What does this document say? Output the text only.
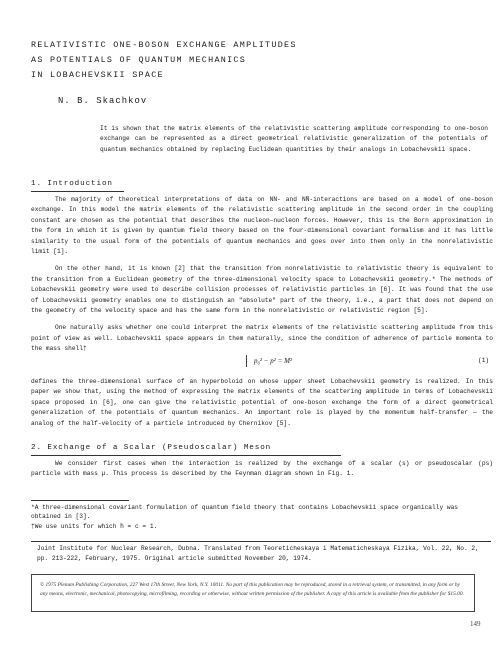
RELATIVISTIC ONE-BOSON EXCHANGE AMPLITUDES
AS POTENTIALS OF QUANTUM MECHANICS
IN LOBACHEVSKII SPACE
N. B. Skachkov
It is shown that the matrix elements of the relativistic scattering amplitude corresponding to one-boson exchange can be represented as a direct geometrical relativistic generalization of the potentials of quantum mechanics obtained by replacing Euclidean quantities by their analogs in Lobachevskii space.
1. Introduction

The majority of theoretical interpretations of data on NN- and NN̄-interactions are based on a model of one-boson exchange. In this model the matrix elements of the relativistic scattering amplitude in the second order in the coupling constant are chosen as the potential that describes the nucleon–nucleon forces. However, this is the Born approximation in the form in which it is given by quantum field theory based on the four-dimensional covariant formalism and it has little similarity to the usual form of the potentials of quantum mechanics and goes over into them only in the nonrelativistic limit [1].

On the other hand, it is known [2] that the transition from nonrelativistic to relativistic theory is equivalent to the transition from a Euclidean geometry of the three-dimensional velocity space to Lobachevskii geometry.* The methods of Lobachevskii geometry were used to describe collision processes of relativistic particles in [6]. It was found that the use of Lobachevskii geometry enables one to distinguish an "absolute" part of the theory, i.e., a part that does not depend on the geometry of the velocity space and has the same form in the nonrelativistic or relativistic region [5].

One naturally asks whether one could interpret the matrix elements of the relativistic scattering amplitude from this point of view as well. Lobachevskii space appears in them naturally, since the condition of adherence of particle momenta to the mass shell†

p₀² − p² = M²	(1)

defines the three-dimensional surface of an hyperboloid on whose upper sheet Lobachevskii geometry is realized. In this paper we show that, using the method of expressing the matrix elements of the scattering amplitude in terms of Lobachevskii space proposed in [6], one can give the relativistic potential of one-boson exchange the form of a direct geometrical generalization of the potentials of quantum mechanics. An important role is played by the momentum half-transfer — the analog of the half-velocity of a particle introduced by Chernikov [5].

2. Exchange of a Scalar (Pseudoscalar) Meson

We consider first cases when the interaction is realized by the exchange of a scalar (s) or pseudoscalar (ps) particle with mass μ. This process is described by the Feynman diagram shown in Fig. 1.

*A three-dimensional covariant formulation of quantum field theory that contains Lobachevskii space organically was obtained in [3].

†We use units for which ħ = c = 1.

Joint Institute for Nuclear Research, Dubna. Translated from Teoreticheskaya i Matematicheskaya Fizika, Vol. 22, No. 2, pp. 213-222, February, 1975. Original article submitted November 20, 1974.
© 1975 Plenum Publishing Corporation, 227 West 17th Street, New York, N.Y. 10011. No part of this publication may be reproduced, stored in a retrieval system, or transmitted, in any form or by any means, electronic, mechanical, photocopying, microfilming, recording or otherwise, without written permission of the publisher. A copy of this article is available from the publisher for $15.00.
149
